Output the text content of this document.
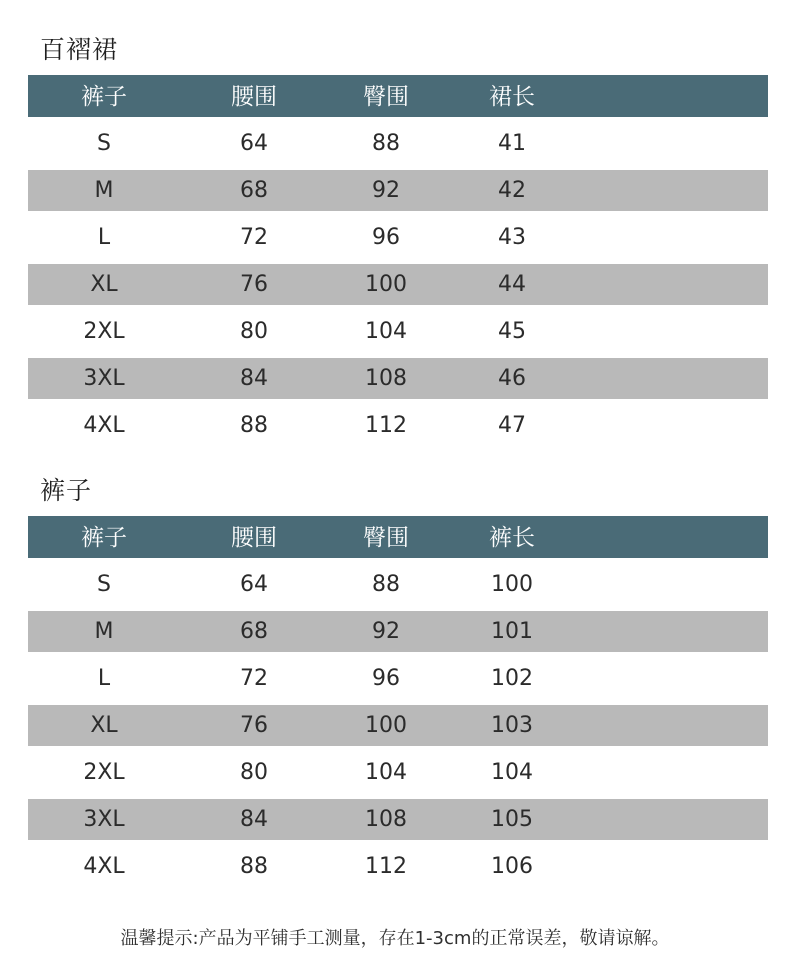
百褶裙
裤子	腰围	臀围	裙长
S	64	88	41
M	68	92	42
L	72	96	43
XL	76	100	44
2XL	80	104	45
3XL	84	108	46
4XL	88	112	47
裤子
裤子	腰围	臀围	裤长
S	64	88	100
M	68	92	101
L	72	96	102
XL	76	100	103
2XL	80	104	104
3XL	84	108	105
4XL	88	112	106
温馨提示:产品为平铺手工测量，存在1-3cm的正常误差，敬请谅解。
